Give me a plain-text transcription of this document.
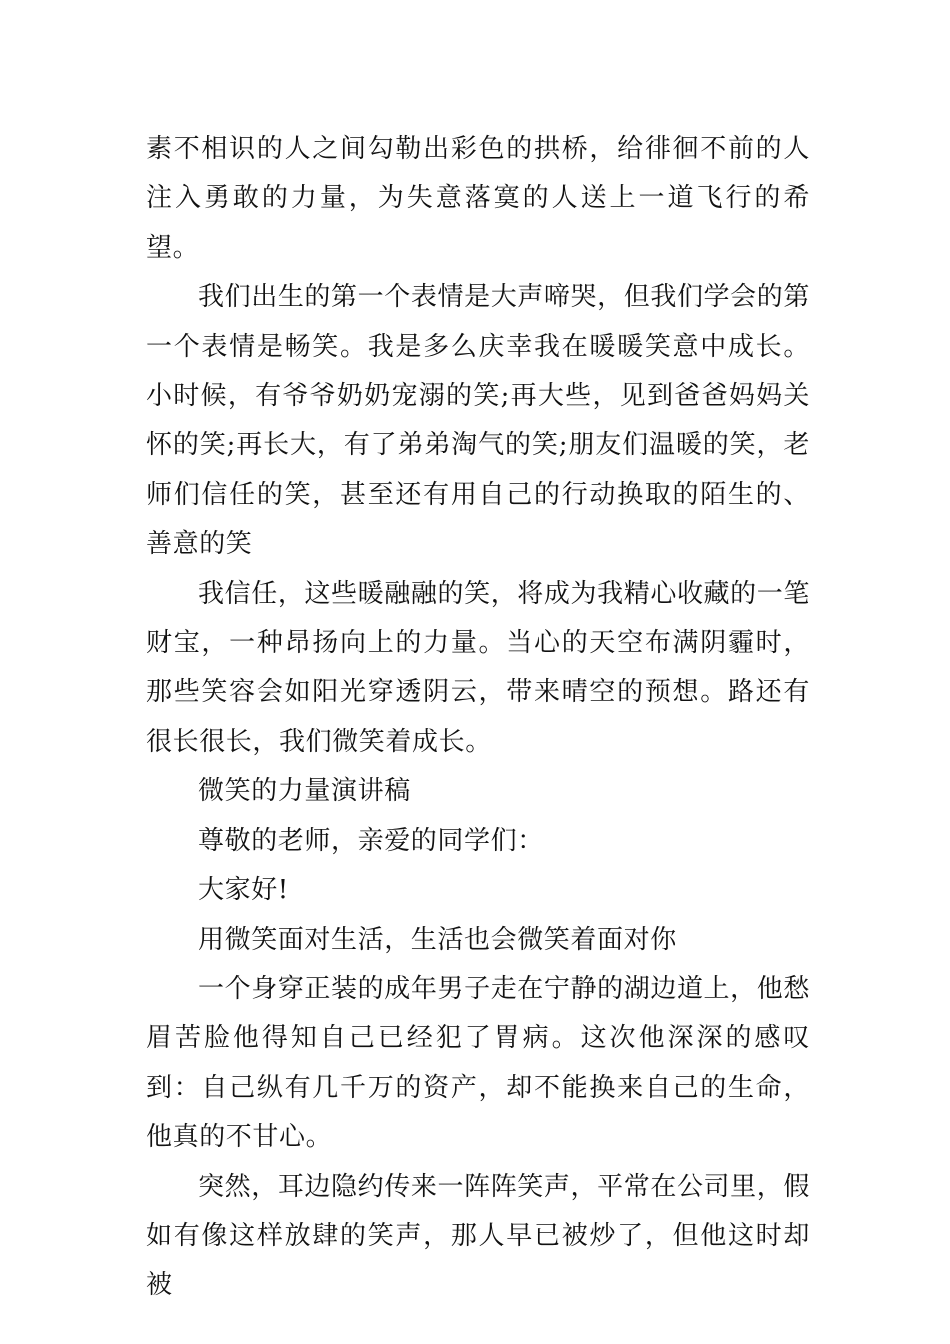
素不相识的人之间勾勒出彩色的拱桥，给徘徊不前的人注入勇敢的力量，为失意落寞的人送上一道飞行的希望。

我们出生的第一个表情是大声啼哭，但我们学会的第一个表情是畅笑。我是多么庆幸我在暖暖笑意中成长。小时候，有爷爷奶奶宠溺的笑;再大些，见到爸爸妈妈关怀的笑;再长大，有了弟弟淘气的笑;朋友们温暖的笑，老师们信任的笑，甚至还有用自己的行动换取的陌生的、善意的笑

我信任，这些暖融融的笑，将成为我精心收藏的一笔财宝，一种昂扬向上的力量。当心的天空布满阴霾时，那些笑容会如阳光穿透阴云，带来晴空的预想。路还有很长很长，我们微笑着成长。

微笑的力量演讲稿

尊敬的老师，亲爱的同学们：

大家好!

用微笑面对生活，生活也会微笑着面对你

一个身穿正装的成年男子走在宁静的湖边道上，他愁眉苦脸他得知自己已经犯了胃病。这次他深深的感叹到：自己纵有几千万的资产，却不能换来自己的生命，他真的不甘心。

突然，耳边隐约传来一阵阵笑声，平常在公司里，假如有像这样放肆的笑声，那人早已被炒了，但他这时却被
